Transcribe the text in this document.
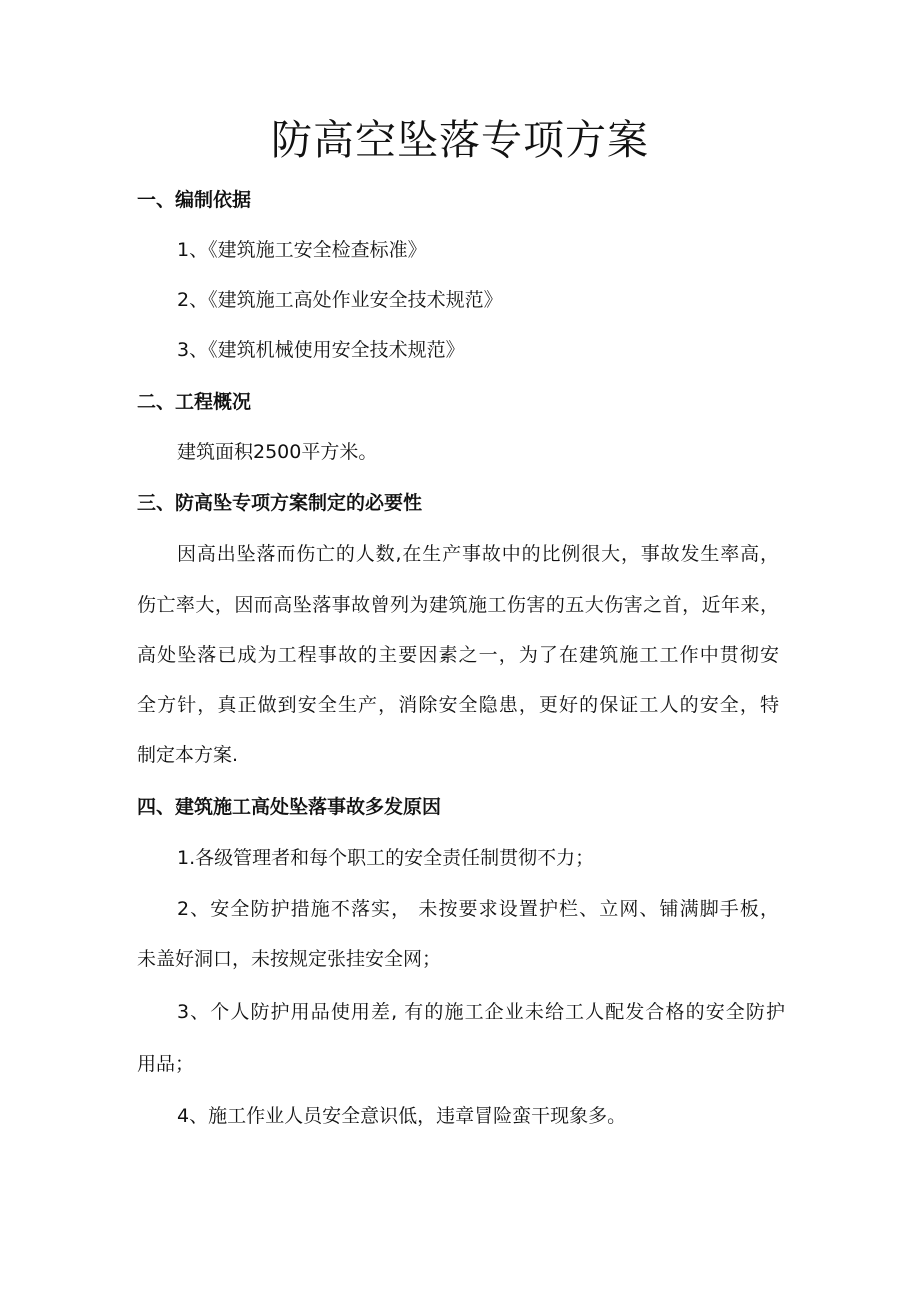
防高空坠落专项方案
一、编制依据
1、《建筑施工安全检查标准》
2、《建筑施工高处作业安全技术规范》
3、《建筑机械使用安全技术规范》
二、工程概况
建筑面积2500平方米。
三、防高坠专项方案制定的必要性
因高出坠落而伤亡的人数,在生产事故中的比例很大，事故发生率高，
伤亡率大，因而高坠落事故曾列为建筑施工伤害的五大伤害之首，近年来，
高处坠落已成为工程事故的主要因素之一，为了在建筑施工工作中贯彻安
全方针，真正做到安全生产，消除安全隐患，更好的保证工人的安全，特
制定本方案.
四、建筑施工高处坠落事故多发原因
1.各级管理者和每个职工的安全责任制贯彻不力；
2、安全防护措施不落实， 未按要求设置护栏、立网、铺满脚手板，
未盖好洞口，未按规定张挂安全网；
3、个人防护用品使用差, 有的施工企业未给工人配发合格的安全防护
用品；
4、施工作业人员安全意识低，违章冒险蛮干现象多。
